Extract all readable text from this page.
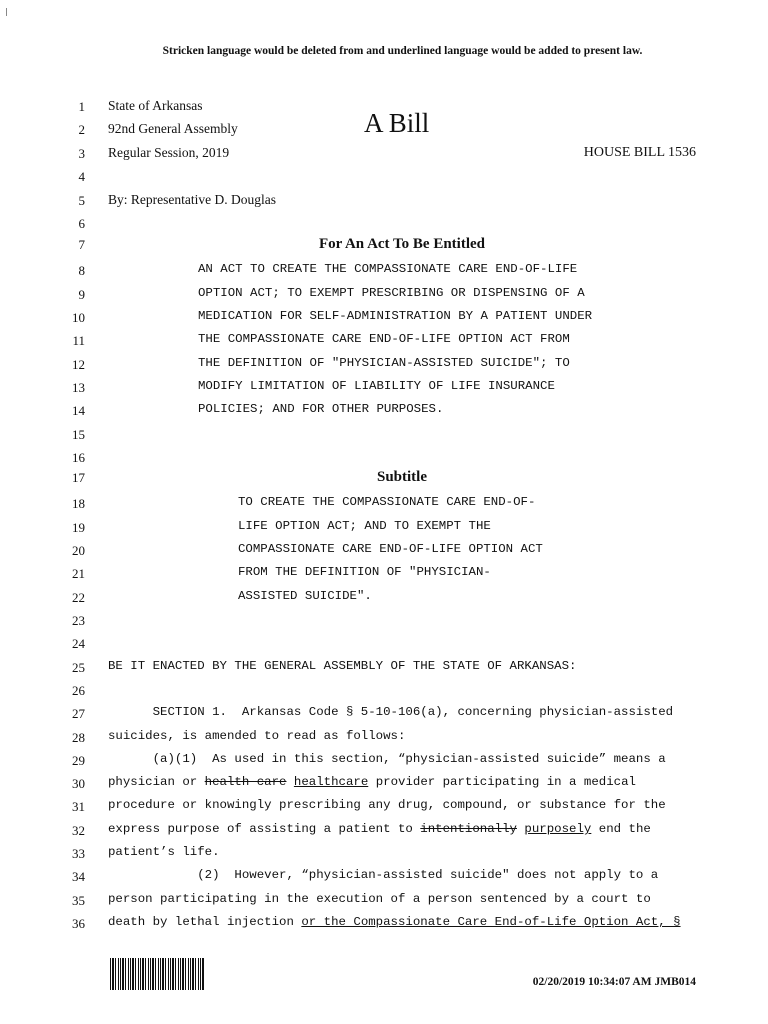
Stricken language would be deleted from and underlined language would be added to present law.
1
2
3
4
5
6
7
8
9
10
11
12
13
14
15
16
17
18
19
20
21
22
23
24
25
26
27
28
29
30
31
32
33
34
35
36
State of Arkansas
92nd General Assembly
Regular Session, 2019
A Bill
HOUSE BILL 1536
By: Representative D. Douglas
For An Act To Be Entitled
AN ACT TO CREATE THE COMPASSIONATE CARE END-OF-LIFE
OPTION ACT; TO EXEMPT PRESCRIBING OR DISPENSING OF A
MEDICATION FOR SELF-ADMINISTRATION BY A PATIENT UNDER
THE COMPASSIONATE CARE END-OF-LIFE OPTION ACT FROM
THE DEFINITION OF "PHYSICIAN-ASSISTED SUICIDE"; TO
MODIFY LIMITATION OF LIABILITY OF LIFE INSURANCE
POLICIES; AND FOR OTHER PURPOSES.
Subtitle
TO CREATE THE COMPASSIONATE CARE END-OF-
LIFE OPTION ACT; AND TO EXEMPT THE
COMPASSIONATE CARE END-OF-LIFE OPTION ACT
FROM THE DEFINITION OF "PHYSICIAN-
ASSISTED SUICIDE".
BE IT ENACTED BY THE GENERAL ASSEMBLY OF THE STATE OF ARKANSAS:
SECTION 1.  Arkansas Code § 5-10-106(a), concerning physician-assisted
suicides, is amended to read as follows:
(a)(1)  As used in this section, “physician-assisted suicide” means a
physician or health care healthcare provider participating in a medical
procedure or knowingly prescribing any drug, compound, or substance for the
express purpose of assisting a patient to intentionally purposely end the
patient’s life.
(2)  However, “physician-assisted suicide" does not apply to a
person participating in the execution of a person sentenced by a court to
death by lethal injection or the Compassionate Care End-of-Life Option Act, §
02/20/2019 10:34:07 AM JMB014
